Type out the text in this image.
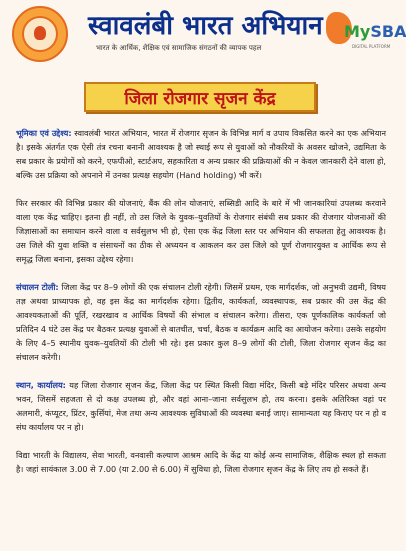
स्वावलंबी भारत अभियान
भारत के आर्थिक, शैक्षिक एवं सामाजिक संगठनों की व्यापक पहल
MySBA
DIGITAL PLATFORM
जिला रोजगार सृजन केंद्र

भूमिका एवं उद्देश्य: स्वावलंबी भारत अभियान, भारत में रोजगार सृजन के विभिन्न मार्ग व उपाय विकसित करने का एक अभियान है। इसके अंतर्गत एक ऐसी तंत्र रचना बनानी आवश्यक है जो स्थाई रूप से युवाओं को नौकरियों के अवसर खोजने, उद्यमिता के सब प्रकार के प्रयोगों को करने, एफपीओ, स्टार्टअप, सहकारिता व अन्य प्रकार की प्रक्रियाओं की न केवल जानकारी देने वाला हो, बल्कि उस प्रक्रिया को अपनाने में उनका प्रत्यक्ष सहयोग (Hand holding) भी करें।

फिर सरकार की विभिन्न प्रकार की योजनाएं, बैंक की लोन योजनाएं, सब्सिडी आदि के बारे में भी जानकारियां उपलब्ध करवाने वाला एक केंद्र चाहिए। इतना ही नहीं, तो उस जिले के युवक–युवतियों के रोजगार संबंधी सब प्रकार की रोजगार योजनाओं की जिज्ञासाओं का समाधान करने वाला व सर्वसुलभ भी हो, ऐसा एक केंद्र जिला स्तर पर अभियान की सफलता हेतु आवश्यक है। उस जिले की युवा शक्ति व संसाधनों का ठीक से अध्ययन व आकलन कर उस जिले को पूर्ण रोजगारयुक्त व आर्थिक रूप से समृद्ध जिला बनाना, इसका उद्देश्य रहेगा।

संचालन टोली: जिला केंद्र पर 8–9 लोगों की एक संचालन टोली रहेगी। जिसमें प्रथम, एक मार्गदर्शक, जो अनुभवी उद्यमी, विषय तज्ञ अथवा प्राध्यापक हो, वह इस केंद्र का मार्गदर्शक रहेगा। द्वितीय, कार्यकर्ता, व्यवस्थापक, सब प्रकार की उस केंद्र की आवश्यकताओं की पूर्ति, रखरखाव व आर्थिक विषयों की संभाल व संचालन करेगा। तीसरा, एक पूर्णकालिक कार्यकर्ता जो प्रतिदिन 4 घंटे उस केंद्र पर बैठकर प्रत्यक्ष युवाओं से बातचीत, चर्चा, बैठक व कार्यक्रम आदि का आयोजन करेगा। उसके सहयोग के लिए 4–5 स्थानीय युवक–युवतियों की टोली भी रहे। इस प्रकार कुल 8–9 लोगों की टोली, जिला रोजगार सृजन केंद्र का संचालन करेगी।

स्थान, कार्यालय: यह जिला रोजगार सृजन केंद्र, जिला केंद्र पर स्थित किसी विद्या मंदिर, किसी बड़े मंदिर परिसर अथवा अन्य भवन, जिसमें सहजता से दो कक्ष उपलब्ध हो, और वहां आना–जाना सर्वसुलभ हो, तय करना। इसके अतिरिक्त वहां पर अलमारी, कंप्यूटर, प्रिंटर, कुर्सियां, मेज तथा अन्य आवश्यक सुविधाओं की व्यवस्था बनाई जाए। सामान्यता यह किराए पर न हो व संघ कार्यालय पर न हो।

विद्या भारती के विद्यालय, सेवा भारती, वनवासी कल्याण आश्रम आदि के केंद्र या कोई अन्य सामाजिक, शैक्षिक स्थल हो सकता है। जहां सायंकाल 3.00 से 7.00 (या 2.00 से 6.00) में सुविधा हो, जिला रोजगार सृजन केंद्र के लिए तय हो सकते हैं।
